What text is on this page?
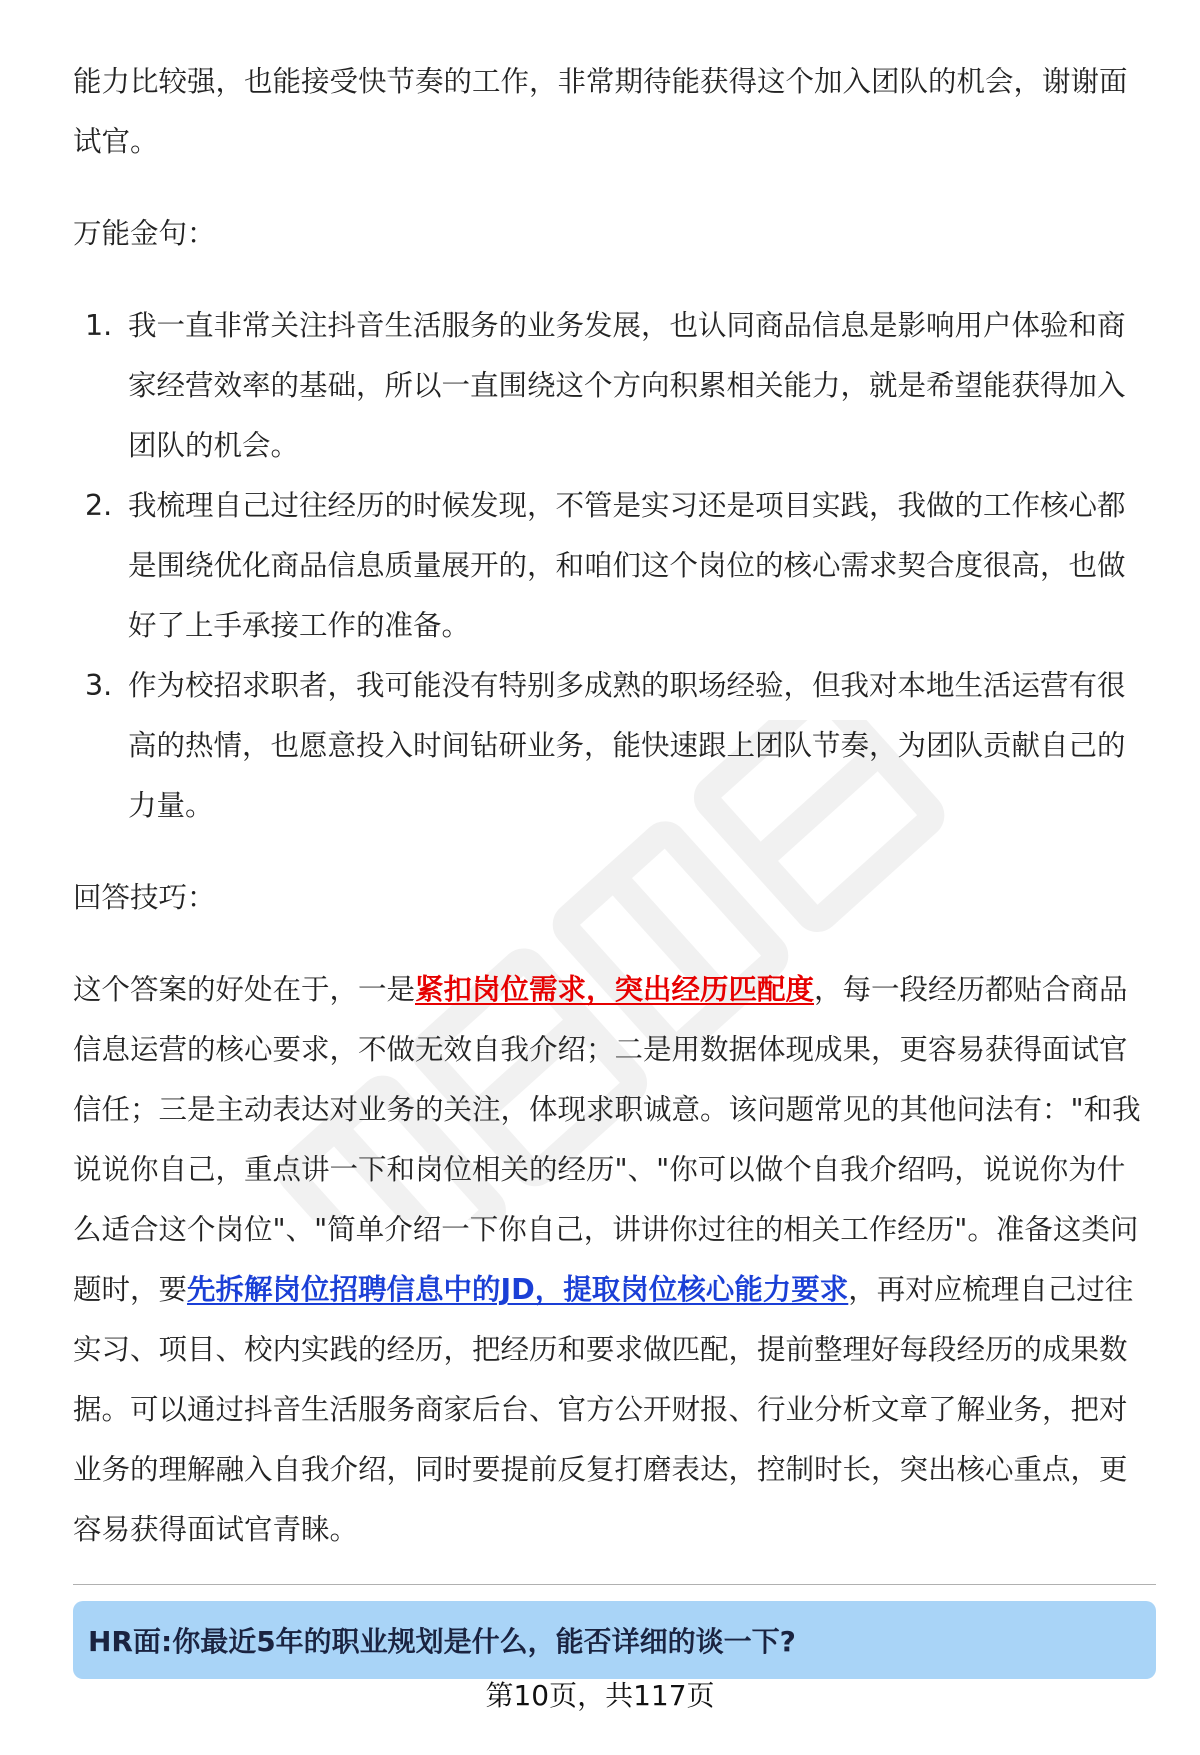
能力比较强，也能接受快节奏的工作，非常期待能获得这个加入团队的机会，谢谢面试官。

万能金句：

1. 我一直非常关注抖音生活服务的业务发展，也认同商品信息是影响用户体验和商家经营效率的基础，所以一直围绕这个方向积累相关能力，就是希望能获得加入团队的机会。
2. 我梳理自己过往经历的时候发现，不管是实习还是项目实践，我做的工作核心都是围绕优化商品信息质量展开的，和咱们这个岗位的核心需求契合度很高，也做好了上手承接工作的准备。
3. 作为校招求职者，我可能没有特别多成熟的职场经验，但我对本地生活运营有很高的热情，也愿意投入时间钻研业务，能快速跟上团队节奏，为团队贡献自己的力量。

回答技巧：

这个答案的好处在于，一是紧扣岗位需求，突出经历匹配度，每一段经历都贴合商品信息运营的核心要求，不做无效自我介绍；二是用数据体现成果，更容易获得面试官信任；三是主动表达对业务的关注，体现求职诚意。该问题常见的其他问法有："和我说说你自己，重点讲一下和岗位相关的经历"、"你可以做个自我介绍吗，说说你为什么适合这个岗位"、"简单介绍一下你自己，讲讲你过往的相关工作经历"。准备这类问题时，要先拆解岗位招聘信息中的JD，提取岗位核心能力要求，再对应梳理自己过往实习、项目、校内实践的经历，把经历和要求做匹配，提前整理好每段经历的成果数据。可以通过抖音生活服务商家后台、官方公开财报、行业分析文章了解业务，把对业务的理解融入自我介绍，同时要提前反复打磨表达，控制时长，突出核心重点，更容易获得面试官青睐。

HR面:你最近5年的职业规划是什么，能否详细的谈一下?
第10页，共117页
